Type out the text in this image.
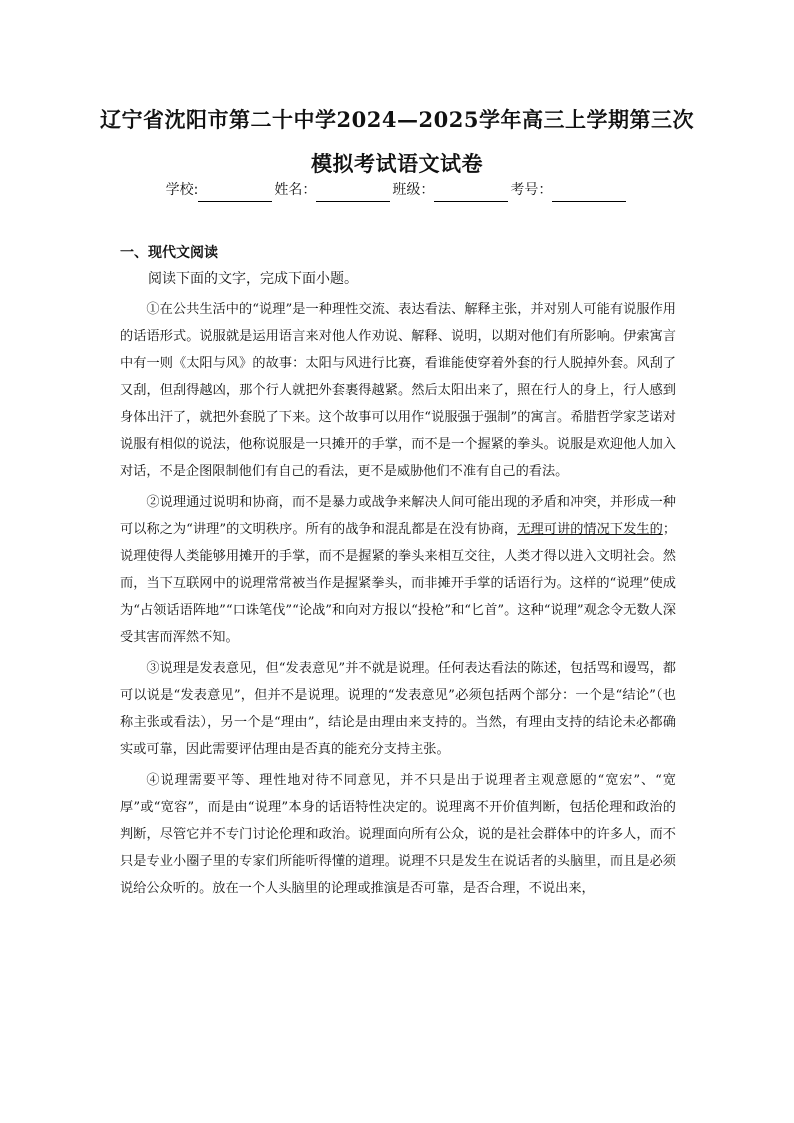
辽宁省沈阳市第二十中学2024—2025学年高三上学期第三次模拟考试语文试卷
学校:	姓名：	班级：	考号：
一、现代文阅读
阅读下面的文字，完成下面小题。

①在公共生活中的“说理”是一种理性交流、表达看法、解释主张，并对别人可能有说服作用的话语形式。说服就是运用语言来对他人作劝说、解释、说明，以期对他们有所影响。伊索寓言中有一则《太阳与风》的故事：太阳与风进行比赛，看谁能使穿着外套的行人脱掉外套。风刮了又刮，但刮得越凶，那个行人就把外套裹得越紧。然后太阳出来了，照在行人的身上，行人感到身体出汗了，就把外套脱了下来。这个故事可以用作“说服强于强制”的寓言。希腊哲学家芝诺对说服有相似的说法，他称说服是一只摊开的手掌，而不是一个握紧的拳头。说服是欢迎他人加入对话，不是企图限制他们有自己的看法，更不是威胁他们不准有自己的看法。

②说理通过说明和协商，而不是暴力或战争来解决人间可能出现的矛盾和冲突，并形成一种可以称之为“讲理”的文明秩序。所有的战争和混乱都是在没有协商，无理可讲的情况下发生的；说理使得人类能够用摊开的手掌，而不是握紧的拳头来相互交往，人类才得以进入文明社会。然而，当下互联网中的说理常常被当作是握紧拳头，而非摊开手掌的话语行为。这样的“说理”使成为“占领话语阵地”“口诛笔伐”“论战”和向对方报以“投枪”和“匕首”。这种“说理”观念令无数人深受其害而浑然不知。

③说理是发表意见，但“发表意见”并不就是说理。任何表达看法的陈述，包括骂和谩骂，都可以说是“发表意见”，但并不是说理。说理的“发表意见”必须包括两个部分：一个是“结论”（也称主张或看法），另一个是“理由”，结论是由理由来支持的。当然，有理由支持的结论未必都确实或可靠，因此需要评估理由是否真的能充分支持主张。

④说理需要平等、理性地对待不同意见，并不只是出于说理者主观意愿的“宽宏”、“宽厚”或“宽容”，而是由“说理”本身的话语特性决定的。说理离不开价值判断，包括伦理和政治的判断，尽管它并不专门讨论伦理和政治。说理面向所有公众，说的是社会群体中的许多人，而不只是专业小圈子里的专家们所能听得懂的道理。说理不只是发生在说话者的头脑里，而且是必须说给公众听的。放在一个人头脑里的论理或推演是否可靠，是否合理，不说出来，
